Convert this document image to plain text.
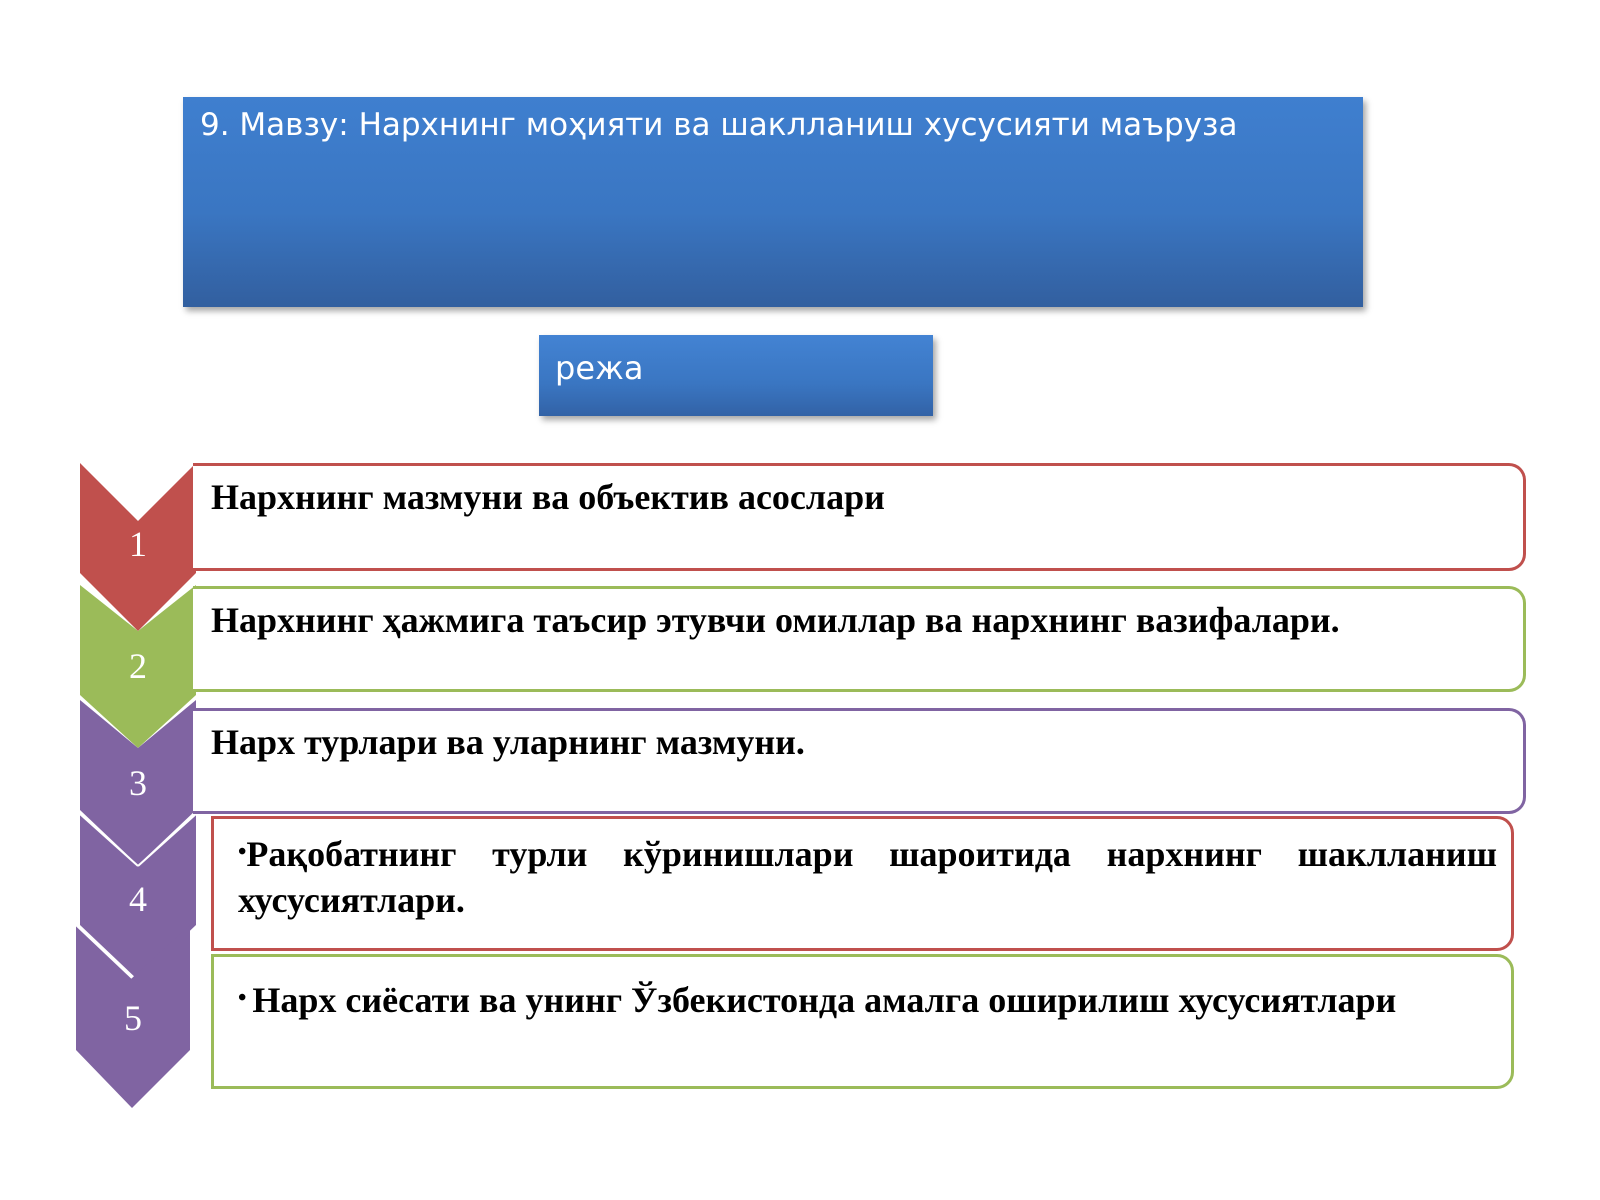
9. Мавзу: Нархнинг моҳияти ва шаклланиш хусусияти маъруза
режа
1
2
3
4
5
Нархнинг мазмуни ва объектив асослари
Нархнинг ҳажмига таъсир этувчи омиллар ва нархнинг вазифалари.
Нарх турлари ва уларнинг мазмуни.
•Рақобатнинг турли кўринишлари шароитида нархнинг шаклланиш хусусиятлари.
• Нарх сиёсати ва унинг Ўзбекистонда амалга оширилиш хусусиятлари
